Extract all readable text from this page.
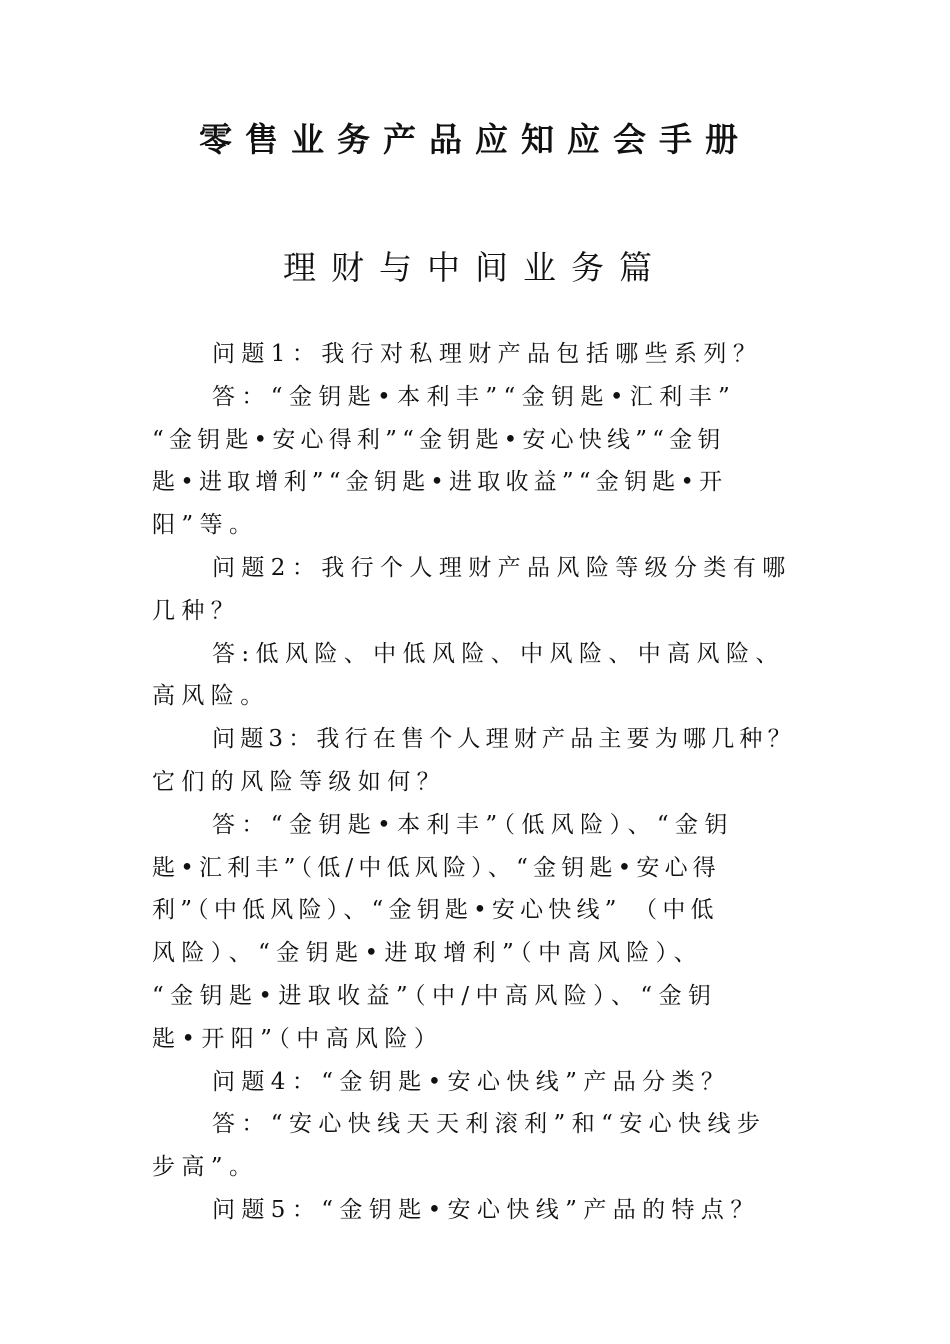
零售业务产品应知应会手册
理财与中间业务篇
问题1：我行对私理财产品包括哪些系列？
答：“金钥匙•本利丰”“金钥匙•汇利丰”
“金钥匙•安心得利”“金钥匙•安心快线”“金钥
匙•进取增利”“金钥匙•进取收益”“金钥匙•开
阳”等。
问题2：我行个人理财产品风险等级分类有哪
几种？
答:低风险、中低风险、中风险、中高风险、
高风险。
问题3：我行在售个人理财产品主要为哪几种？
它们的风险等级如何？
答：“金钥匙•本利丰”（低风险）、“金钥
匙•汇利丰”（低/中低风险）、“金钥匙•安心得
利”（中低风险）、“金钥匙•安心快线” （中低
风险）、“金钥匙•进取增利”（中高风险）、
“金钥匙•进取收益”（中/中高风险）、“金钥
匙•开阳”（中高风险）
问题4：“金钥匙•安心快线”产品分类？
答：“安心快线天天利滚利”和“安心快线步
步高”。
问题5：“金钥匙•安心快线”产品的特点？
